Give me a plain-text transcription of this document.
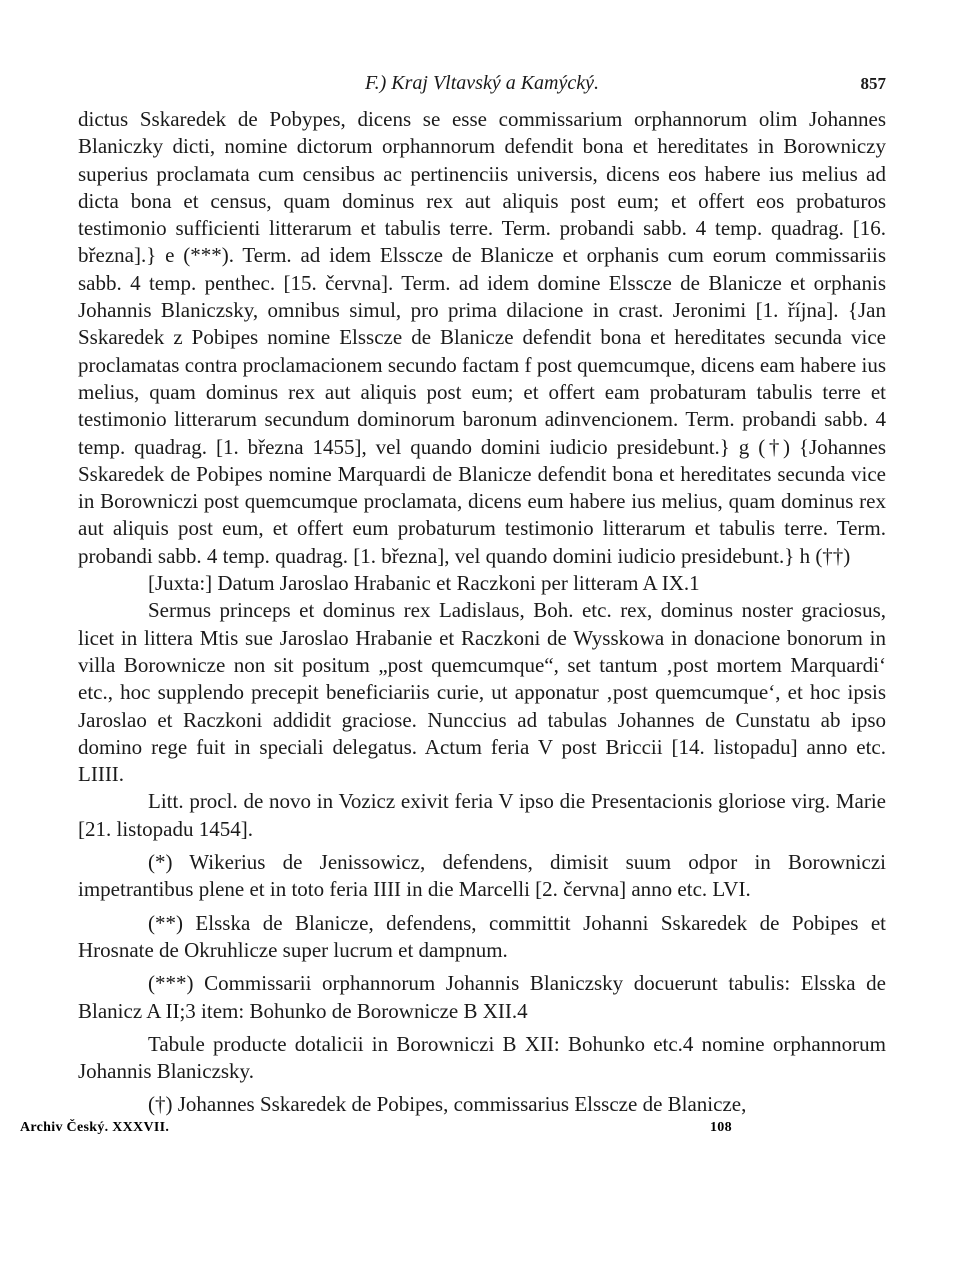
F.) Kraj Vltavský a Kamýcký.	857

dictus Sskaredek de Pobypes, dicens se esse commissarium orphannorum olim Johannes Blaniczky dicti, nomine dictorum orphannorum defendit bona et hereditates in Borowniczy superius proclamata cum censibus ac pertinenciis universis, dicens eos habere ius melius ad dicta bona et census, quam dominus rex aut aliquis post eum; et offert eos probaturos testimonio sufficienti litterarum et tabulis terre. Term. probandi sabb. 4 temp. quadrag. [16. března].} e (***). Term. ad idem Elsscze de Blanicze et orphanis cum eorum commissariis sabb. 4 temp. penthec. [15. června]. Term. ad idem domine Elsscze de Blanicze et orphanis Johannis Blaniczsky, omnibus simul, pro prima dilacione in crast. Jeronimi [1. října]. {Jan Sskaredek z Pobipes nomine Elsscze de Blanicze defendit bona et hereditates secunda vice proclamatas contra proclamacionem secundo factam f post quemcumque, dicens eam habere ius melius, quam dominus rex aut aliquis post eum; et offert eam probaturam tabulis terre et testimonio litterarum secundum dominorum baronum adinvencionem. Term. probandi sabb. 4 temp. quadrag. [1. března 1455], vel quando domini iudicio presidebunt.} g (†) {Johannes Sskaredek de Pobipes nomine Marquardi de Blanicze defendit bona et hereditates secunda vice in Borowniczi post quemcumque proclamata, dicens eum habere ius melius, quam dominus rex aut aliquis post eum, et offert eum probaturum testimonio litterarum et tabulis terre. Term. probandi sabb. 4 temp. quadrag. [1. března], vel quando domini iudicio presidebunt.} h (††)

[Juxta:] Datum Jaroslao Hrabanic et Raczkoni per litteram A IX.1

Sermus princeps et dominus rex Ladislaus, Boh. etc. rex, dominus noster graciosus, licet in littera Mtis sue Jaroslao Hrabanie et Raczkoni de Wysskowa in donacione bonorum in villa Borownicze non sit positum „post quemcumque“, set tantum ‚post mortem Marquardi‘ etc., hoc supplendo precepit beneficiariis curie, ut apponatur ‚post quemcumque‘, et hoc ipsis Jaroslao et Raczkoni addidit graciose. Nunccius ad tabulas Johannes de Cunstatu ab ipso domino rege fuit in speciali delegatus. Actum feria V post Briccii [14. listopadu] anno etc. LIIII.

Litt. procl. de novo in Vozicz exivit feria V ipso die Presentacionis gloriose virg. Marie [21. listopadu 1454].

(*) Wikerius de Jenissowicz, defendens, dimisit suum odpor in Borowniczi impetrantibus plene et in toto feria IIII in die Marcelli [2. června] anno etc. LVI.

(**) Elsska de Blanicze, defendens, committit Johanni Sskaredek de Pobipes et Hrosnate de Okruhlicze super lucrum et dampnum.

(***) Commissarii orphannorum Johannis Blaniczsky docuerunt tabulis: Elsska de Blanicz A II;3 item: Bohunko de Borownicze B XII.4

Tabule producte dotalicii in Borowniczi B XII: Bohunko etc.4 nomine orphannorum Johannis Blaniczsky.

(†) Johannes Sskaredek de Pobipes, commissarius Elsscze de Blanicze,

Archiv Český. XXXVII.	108
